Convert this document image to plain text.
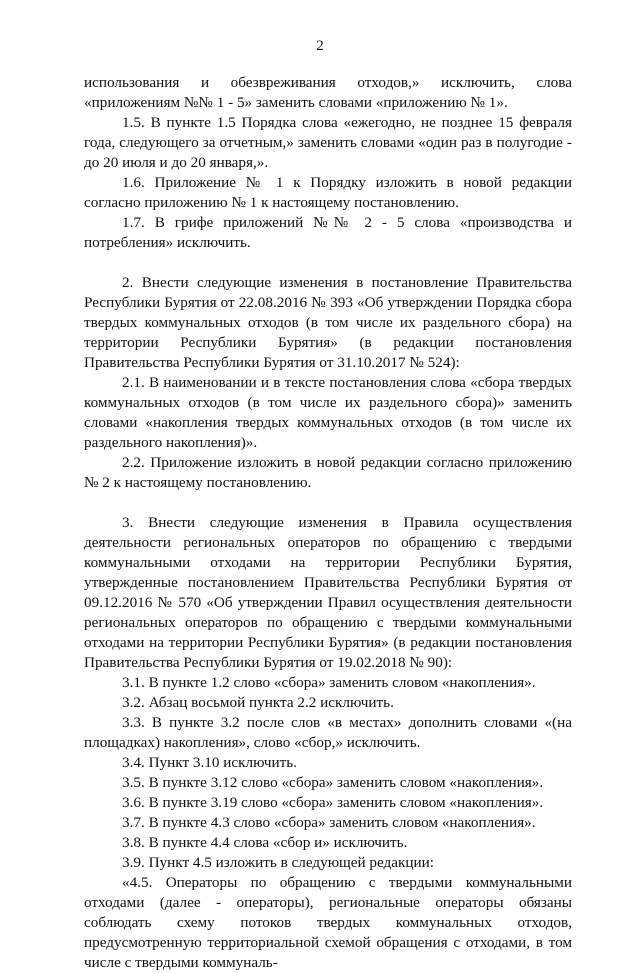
2

использования и обезвреживания отходов,» исключить, слова «приложениям №№ 1 - 5» заменить словами «приложению № 1».

1.5. В пункте 1.5 Порядка слова «ежегодно, не позднее 15 февраля года, следующего за отчетным,» заменить словами «один раз в полугодие - до 20 июля и до 20 января,».

1.6. Приложение № 1 к Порядку изложить в новой редакции согласно приложению № 1 к настоящему постановлению.

1.7. В грифе приложений №№ 2 - 5 слова «производства и потребления» исключить.

2. Внести следующие изменения в постановление Правительства Республики Бурятия от 22.08.2016 № 393 «Об утверждении Порядка сбора твердых коммунальных отходов (в том числе их раздельного сбора) на территории Республики Бурятия» (в редакции постановления Правительства Республики Бурятия от 31.10.2017 № 524):

2.1. В наименовании и в тексте постановления слова «сбора твердых коммунальных отходов (в том числе их раздельного сбора)» заменить словами «накопления твердых коммунальных отходов (в том числе их раздельного накопления)».

2.2. Приложение изложить в новой редакции согласно приложению № 2 к настоящему постановлению.

3. Внести следующие изменения в Правила осуществления деятельности региональных операторов по обращению с твердыми коммунальными отходами на территории Республики Бурятия, утвержденные постановлением Правительства Республики Бурятия от 09.12.2016 № 570 «Об утверждении Правил осуществления деятельности региональных операторов по обращению с твердыми коммунальными отходами на территории Республики Бурятия» (в редакции постановления Правительства Республики Бурятия от 19.02.2018 № 90):

3.1. В пункте 1.2 слово «сбора» заменить словом «накопления».

3.2. Абзац восьмой пункта 2.2 исключить.

3.3. В пункте 3.2 после слов «в местах» дополнить словами «(на площадках) накопления», слово «сбор,» исключить.

3.4. Пункт 3.10 исключить.

3.5. В пункте 3.12 слово «сбора» заменить словом «накопления».

3.6. В пункте 3.19 слово «сбора» заменить словом «накопления».

3.7. В пункте 4.3 слово «сбора» заменить словом «накопления».

3.8. В пункте 4.4 слова «сбор и» исключить.

3.9. Пункт 4.5 изложить в следующей редакции:

«4.5. Операторы по обращению с твердыми коммунальными отходами (далее - операторы), региональные операторы обязаны соблюдать схему потоков твердых коммунальных отходов, предусмотренную территориальной схемой обращения с отходами, в том числе с твердыми коммуналь-
